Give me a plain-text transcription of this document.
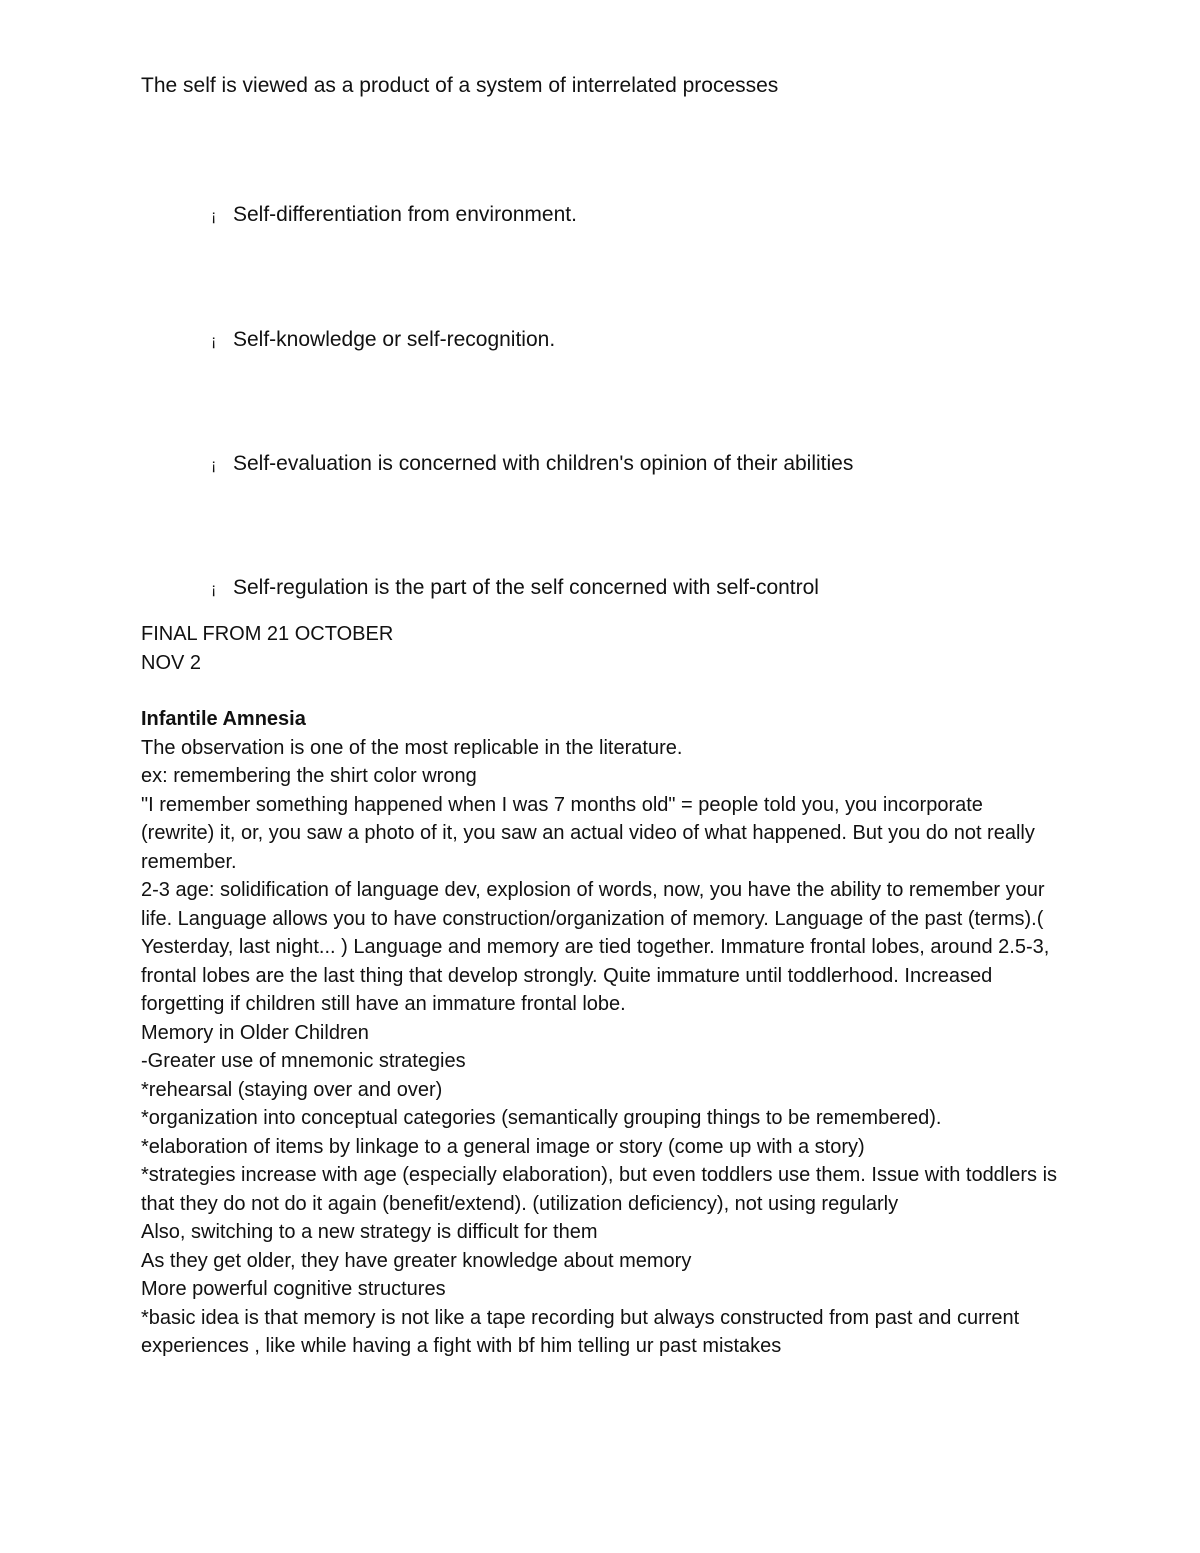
The self is viewed as a product of a system of interrelated processes

¡ Self-differentiation from environment.
¡ Self-knowledge or self-recognition.
¡ Self-evaluation is concerned with children's opinion of their abilities
¡ Self-regulation is the part of the self concerned with self-control
FINAL FROM 21 OCTOBER
NOV 2
Infantile Amnesia

The observation is one of the most replicable in the literature.

ex: remembering the shirt color wrong

"I remember something happened when I was 7 months old" = people told you, you incorporate (rewrite) it, or, you saw a photo of it, you saw an actual video of what happened. But you do not really remember.

2-3 age: solidification of language dev, explosion of words, now, you have the ability to remember your life. Language allows you to have construction/organization of memory. Language of the past (terms).( Yesterday, last night... ) Language and memory are tied together. Immature frontal lobes, around 2.5-3, frontal lobes are the last thing that develop strongly. Quite immature until toddlerhood. Increased forgetting if children still have an immature frontal lobe.

Memory in Older Children

-Greater use of mnemonic strategies

*rehearsal (staying over and over)

*organization into conceptual categories (semantically grouping things to be remembered).

*elaboration of items by linkage to a general image or story (come up with a story)

*strategies increase with age (especially elaboration), but even toddlers use them. Issue with toddlers is that they do not do it again (benefit/extend). (utilization deficiency), not using regularly

Also, switching to a new strategy is difficult for them

As they get older, they have greater knowledge about memory

More powerful cognitive structures

*basic idea is that memory is not like a tape recording but always constructed from past and current experiences , like while having a fight with bf him telling ur past mistakes
